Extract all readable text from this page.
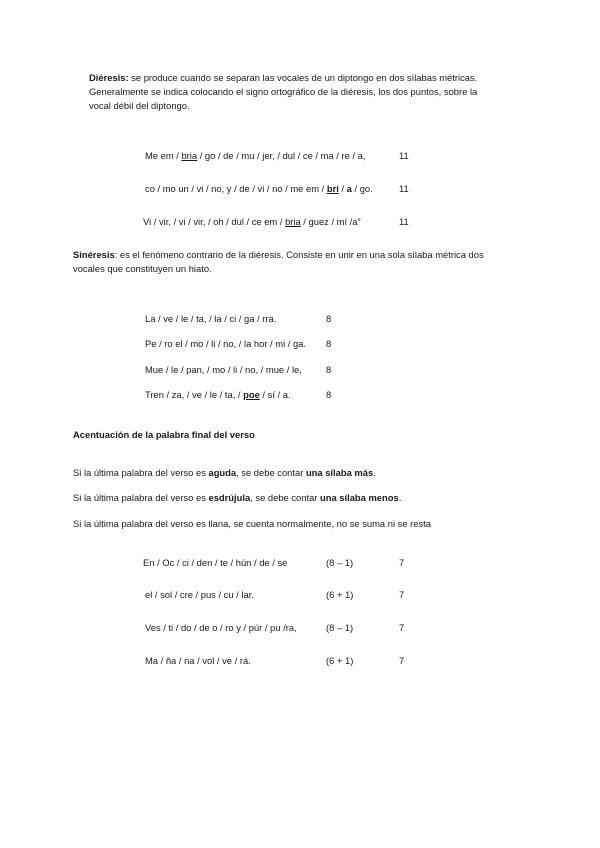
Diéresis: se produce cuando se separan las vocales de un diptongo en dos sílabas métricas.
Generalmente se indica colocando el signo ortográfico de la diéresis, los dos puntos, sobre la
vocal débil del diptongo.
Me em / bria / go / de / mu / jer, / dul / ce / ma / re / a,	11
co / mo un / vi / no, y / de / vi / no / me em / bri / a / go.	11
Vi / vir, / vi / vir, / oh / dul / ce em / bria / guez / mí /a”	11
Sinéresis: es el fenómeno contrario de la diéresis. Consiste en unir en una sola sílaba métrica dos
vocales que constituyen un hiato.
La / ve / le / ta, / la / ci / ga / rra.	8
Pe / ro el / mo / li / no, / la hor / mi / ga. 8
Mue / le / pan, / mo / li / no, / mue / le,	8
Tren / za, / ve / le / ta, / poe / sí / a.	8
Acentuación de la palabra final del verso
Si la última palabra del verso es aguda, se debe contar una sílaba más.
Si la última palabra del verso es esdrújula, se debe contar una sílaba menos.
Si la última palabra del verso es llana, se cuenta normalmente, no se suma ni se resta
En / Oc / ci / den / te / hún / de / se	(8 – 1)	7
el / sol / cre / pus / cu / lar.	(6 + 1)	7
Ves / ti / do / de o / ro y / púr / pu /ra,	(8 – 1)	7
Ma / ña / na / vol / ve / rá.	(6 + 1)	7
